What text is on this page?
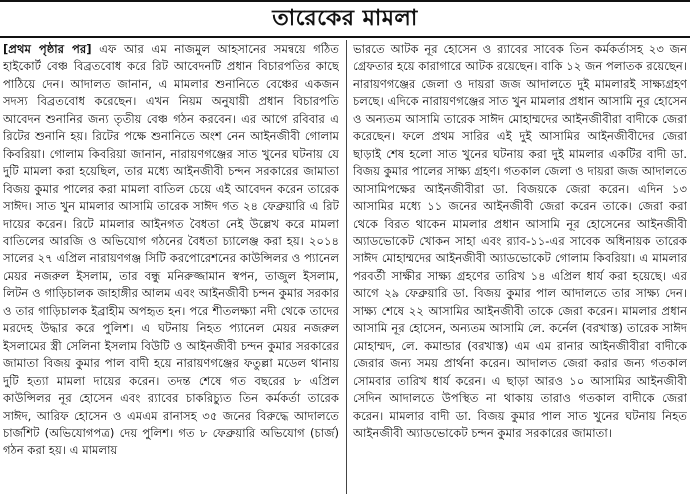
তারেকের মামলা

[প্রথম পৃষ্ঠার পর] এফ আর এম নাজমুল আহসানের সমন্বয়ে গঠিত হাইকোর্ট বেঞ্চ বিব্রতবোধ করে রিট আবেদনটি প্রধান বিচারপতির কাছে পাঠিয়ে দেন। আদালত জানান, এ মামলার শুনানিতে বেঞ্চের একজন সদস্য বিব্রতবোধ করেছেন। এখন নিয়ম অনুযায়ী প্রধান বিচারপতি আবেদন শুনানির জন্য তৃতীয় বেঞ্চ গঠন করবেন। এর আগে রবিবার এ রিটের শুনানি হয়। রিটের পক্ষে শুনানিতে অংশ নেন আইনজীবী গোলাম কিবরিয়া। গোলাম কিবরিয়া জানান, নারায়ণগঞ্জের সাত খুনের ঘটনায় যে দুটি মামলা করা হয়েছিল, তার মধ্যে আইনজীবী চন্দন সরকারের জামাতা বিজয় কুমার পালের করা মামলা বাতিল চেয়ে এই আবেদন করেন তারেক সাঈদ। সাত খুন মামলার আসামি তারেক সাঈদ গত ২৪ ফেব্রুয়ারি এ রিট দায়ের করেন। রিটে মামলার আইনগত বৈধতা নেই উল্লেখ করে মামলা বাতিলের আরজি ও অভিযোগ গঠনের বৈধতা চ্যালেঞ্জ করা হয়। ২০১৪ সালের ২৭ এপ্রিল নারায়ণগঞ্জ সিটি করপোরেশনের কাউন্সিলর ও প্যানেল মেয়র নজরুল ইসলাম, তার বন্ধু মনিরুজ্জামান স্বপন, তাজুল ইসলাম, লিটন ও গাড়িচালক জাহাঙ্গীর আলম এবং আইনজীবী চন্দন কুমার সরকার ও তার গাড়িচালক ইব্রাহীম অপহৃত হন। পরে শীতলক্ষ্যা নদী থেকে তাদের মরদেহ উদ্ধার করে পুলিশ। এ ঘটনায় নিহত প্যানেল মেয়র নজরুল ইসলামের স্ত্রী সেলিনা ইসলাম বিউটি ও আইনজীবী চন্দন কুমার সরকারের জামাতা বিজয় কুমার পাল বাদী হয়ে নারায়ণগঞ্জের ফতুল্লা মডেল থানায় দুটি হত্যা মামলা দায়ের করেন। তদন্ত শেষে গত বছরের ৮ এপ্রিল কাউন্সিলর নূর হোসেন এবং র‌্যাবের চাকরিচ্যুত তিন কর্মকর্তা তারেক সাঈদ, আরিফ হোসেন ও এমএম রানাসহ ৩৫ জনের বিরুদ্ধে আদালতে চার্জশিট (অভিযোগপত্র) দেয় পুলিশ। গত ৮ ফেব্রুয়ারি অভিযোগ (চার্জ) গঠন করা হয়। এ মামলায়

ভারতে আটক নূর হোসেন ও র‌্যাবের সাবেক তিন কর্মকর্তাসহ ২৩ জন গ্রেফতার হয়ে কারাগারে আটক রয়েছেন। বাকি ১২ জন পলাতক রয়েছেন। নারায়ণগঞ্জের জেলা ও দায়রা জজ আদালতে দুই মামলারই সাক্ষ্যগ্রহণ চলছে। এদিকে নারায়ণগঞ্জের সাত খুন মামলার প্রধান আসামি নূর হোসেন ও অন্যতম আসামি তারেক সাঈদ মোহাম্মদের আইনজীবীরা বাদীকে জেরা করেছেন। ফলে প্রথম সারির এই দুই আসামির আইনজীবীদের জেরা ছাড়াই শেষ হলো সাত খুনের ঘটনায় করা দুই মামলার একটির বাদী ডা. বিজয় কুমার পালের সাক্ষ্য গ্রহণ। গতকাল জেলা ও দায়রা জজ আদালতে আসামিপক্ষের আইনজীবীরা ডা. বিজয়কে জেরা করেন। এদিন ১৩ আসামির মধ্যে ১১ জনের আইনজীবী জেরা করেন তাকে। জেরা করা থেকে বিরত থাকেন মামলার প্রধান আসামি নূর হোসেনের আইনজীবী অ্যাডভোকেট খোকন সাহা এবং র‌্যাব-১১-এর সাবেক অধিনায়ক তারেক সাঈদ মোহাম্মদের আইনজীবী অ্যাডভোকেট গোলাম কিবরিয়া। এ মামলার পরবর্তী সাক্ষীর সাক্ষ্য গ্রহণের তারিখ ১৪ এপ্রিল ধার্য করা হয়েছে। এর আগে ২৯ ফেব্রুয়ারি ডা. বিজয় কুমার পাল আদালতে তার সাক্ষ্য দেন। সাক্ষ্য শেষে ২২ আসামির আইনজীবী তাকে জেরা করেন। মামলার প্রধান আসামি নূর হোসেন, অন্যতম আসামি লে. কর্নেল (বরখাস্ত) তারেক সাঈদ মোহাম্মদ, লে. কমান্ডার (বরখাস্ত) এম এম রানার আইনজীবীরা বাদীকে জেরার জন্য সময় প্রার্থনা করেন। আদালত জেরা করার জন্য গতকাল সোমবার তারিখ ধার্য করেন। এ ছাড়া আরও ১০ আসামির আইনজীবী সেদিন আদালতে উপস্থিত না থাকায় তারাও গতকাল বাদীকে জেরা করেন। মামলার বাদী ডা. বিজয় কুমার পাল সাত খুনের ঘটনায় নিহত আইনজীবী অ্যাডভোকেট চন্দন কুমার সরকারের জামাতা।
